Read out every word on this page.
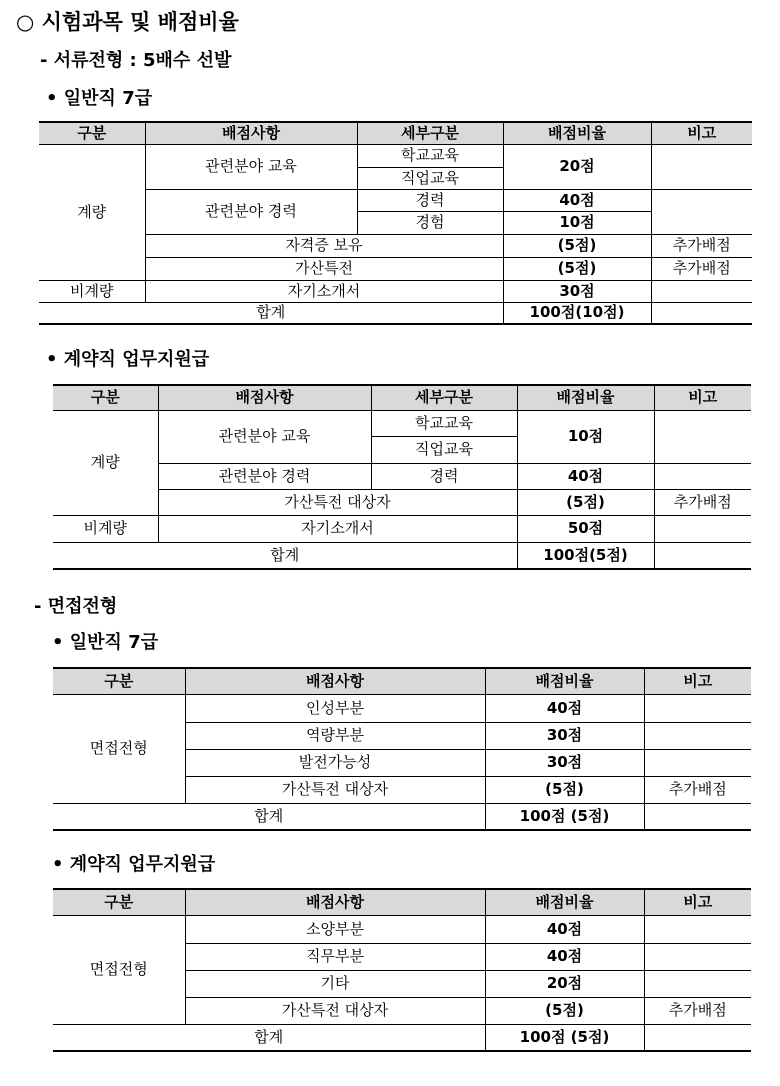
○ 시험과목 및 배점비율
- 서류전형 : 5배수 선발
• 일반직 7급
구분	배점사항	세부구분	배점비율	비고
계량	관련분야 교육	학교교육	20점	
		직업교육		
	관련분야 경력	경력	40점	
		경험	10점	
	자격증 보유		(5점)	추가배점
	가산특전		(5점)	추가배점
비계량	자기소개서		30점	
합계			100점(10점)	
• 계약직 업무지원급
구분	배점사항	세부구분	배점비율	비고
계량	관련분야 교육	학교교육	10점	
		직업교육		
	관련분야 경력	경력	40점	
	가산특전 대상자		(5점)	추가배점
비계량	자기소개서		50점	
합계			100점(5점)	
- 면접전형
• 일반직 7급
구분	배점사항	배점비율	비고
면접전형	인성부분	40점	
	역량부분	30점	
	발전가능성	30점	
	가산특전 대상자	(5점)	추가배점
합계		100점 (5점)	
• 계약직 업무지원급
구분	배점사항	배점비율	비고
면접전형	소양부분	40점	
	직무부분	40점	
	기타	20점	
	가산특전 대상자	(5점)	추가배점
합계		100점 (5점)	
